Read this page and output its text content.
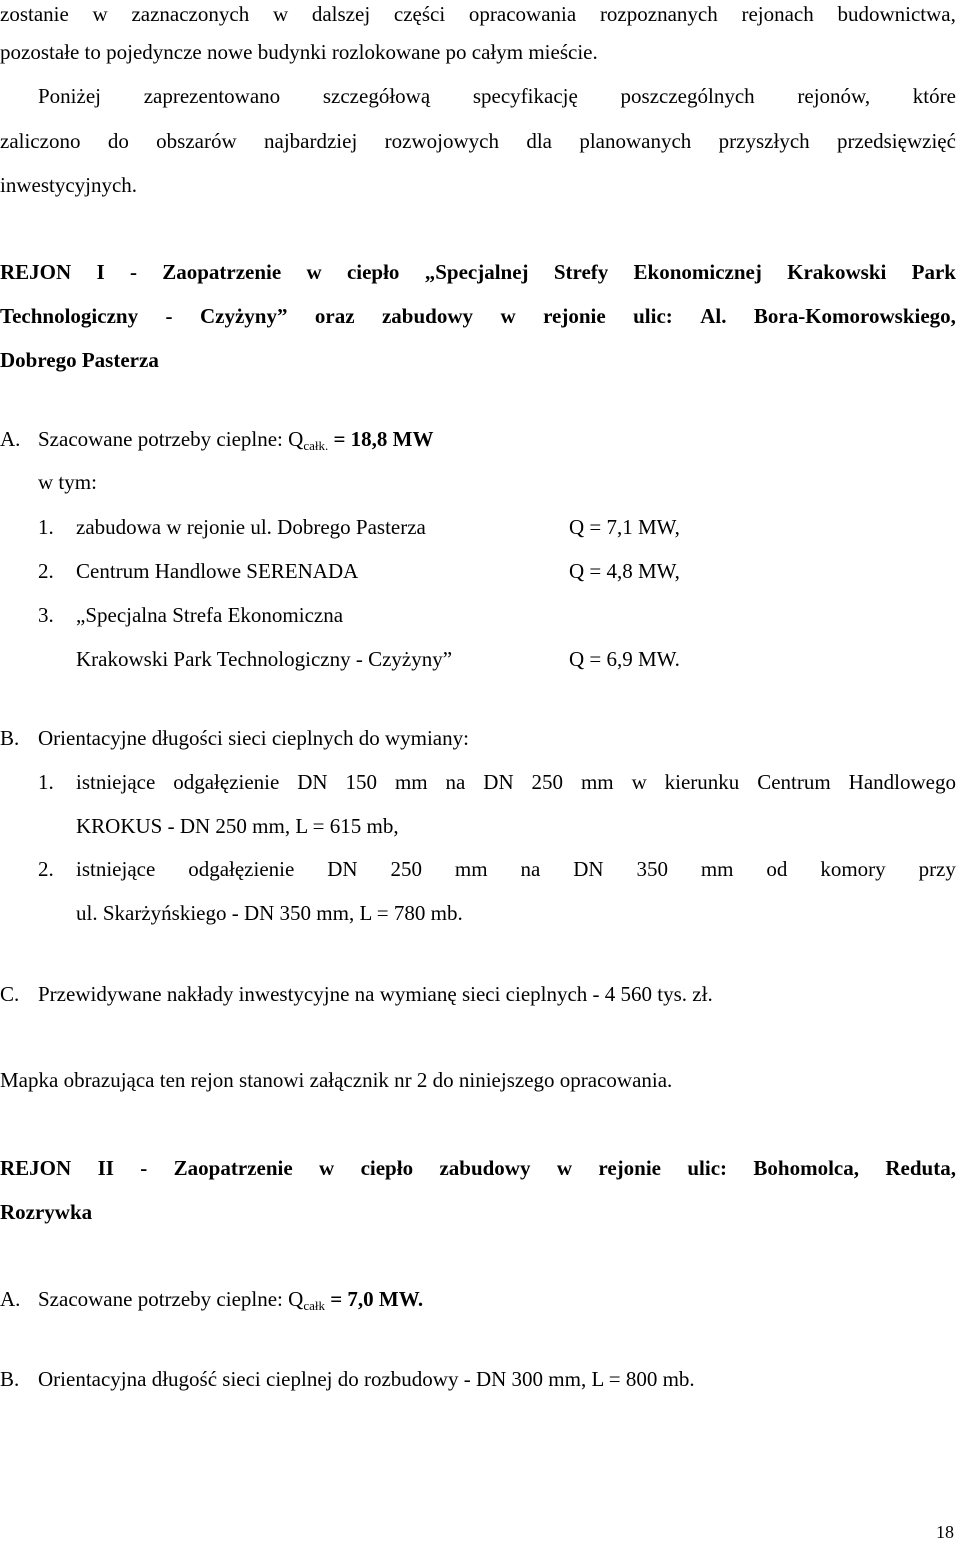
zostanie w zaznaczonych w dalszej części opracowania rozpoznanych rejonach budownictwa,
pozostałe to pojedyncze nowe budynki rozlokowane po całym mieście.
Poniżej zaprezentowano szczegółową specyfikację poszczególnych rejonów, które
zaliczono do obszarów najbardziej rozwojowych dla planowanych przyszłych przedsięwzięć
inwestycyjnych.
REJON I - Zaopatrzenie w ciepło „Specjalnej Strefy Ekonomicznej Krakowski Park
Technologiczny - Czyżyny” oraz zabudowy w rejonie ulic: Al. Bora-Komorowskiego,
Dobrego Pasterza
A. Szacowane potrzeby cieplne: $Q_{całk.} = 18,8$ MW
w tym:
1.	zabudowa w rejonie ul. Dobrego Pasterza	Q = 7,1 MW,
2.	Centrum Handlowe SERENADA	Q = 4,8 MW,
3.	„Specjalna Strefa Ekonomiczna
Krakowski Park Technologiczny - Czyżyny”	Q = 6,9 MW.
B. Orientacyjne długości sieci cieplnych do wymiany:
1.	istniejące odgałęzienie DN 150 mm na DN 250 mm w kierunku Centrum Handlowego
KROKUS - DN 250 mm, L = 615 mb,
2.	istniejące odgałęzienie DN 250 mm na DN 350 mm od komory przy
ul. Skarżyńskiego - DN 350 mm, L = 780 mb.
C. Przewidywane nakłady inwestycyjne na wymianę sieci cieplnych - 4 560 tys. zł.
Mapka obrazująca ten rejon stanowi załącznik nr 2 do niniejszego opracowania.
REJON II - Zaopatrzenie w ciepło zabudowy w rejonie ulic: Bohomolca, Reduta,
Rozrywka
A. Szacowane potrzeby cieplne: $Q_{całk} = 7,0$ MW.
B. Orientacyjna długość sieci cieplnej do rozbudowy - DN 300 mm, L = 800 mb.
18
